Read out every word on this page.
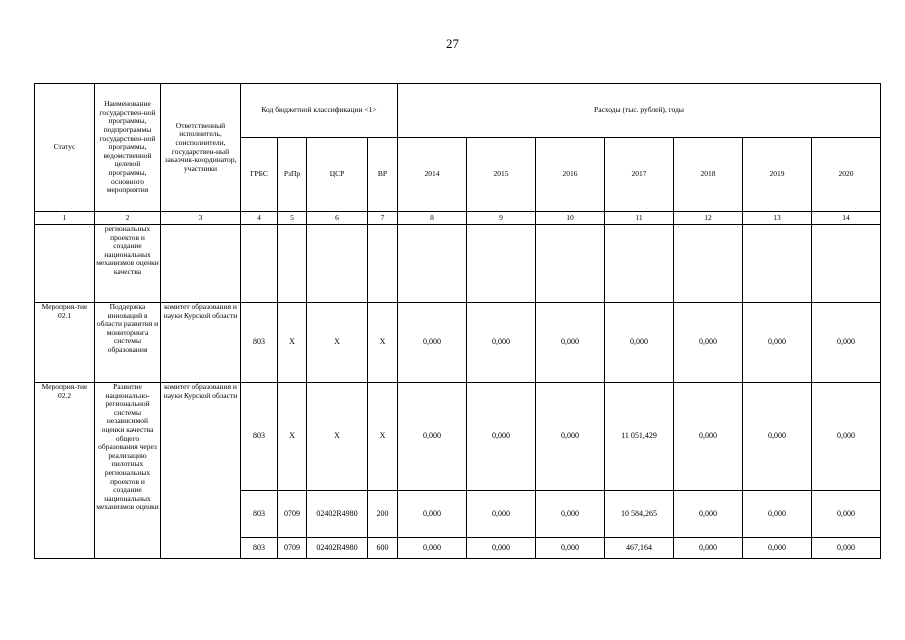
27
Статус	Наименование государствен-ной программы, подпрограммы государствен-ной программы, ведомственной целевой программы, основного мероприятия	Ответственный исполнитель, соисполнители, государствен-ный заказчик-координатор, участники	Код бюджетной классификации <1>				Расходы (тыс. рублей), годы						
			ГРБС	РзПр	ЦСР	ВР	2014	2015	2016	2017	2018	2019	2020
1	2	3	4	5	6	7	8	9	10	11	12	13	14
	региональных проектов и создание национальных механизмов оценки качества												
Мероприя-тие 02.1	Поддержка инноваций в области развития и мониторинга системы образования	комитет образования и науки Курской области	803	Х	Х	Х	0,000	0,000	0,000	0,000	0,000	0,000	0,000
Мероприя-тие 02.2	Развитие национально-региональной системы независимой оценки качества общего образования через реализацию пилотных региональных проектов и создание национальных механизмов оценки	комитет образования и науки Курской области	803	Х	Х	Х	0,000	0,000	0,000	11 051,429	0,000	0,000	0,000
			803	0709	02402R4980	200	0,000	0,000	0,000	10 584,265	0,000	0,000	0,000
			803	0709	02402R4980	600	0,000	0,000	0,000	467,164	0,000	0,000	0,000
